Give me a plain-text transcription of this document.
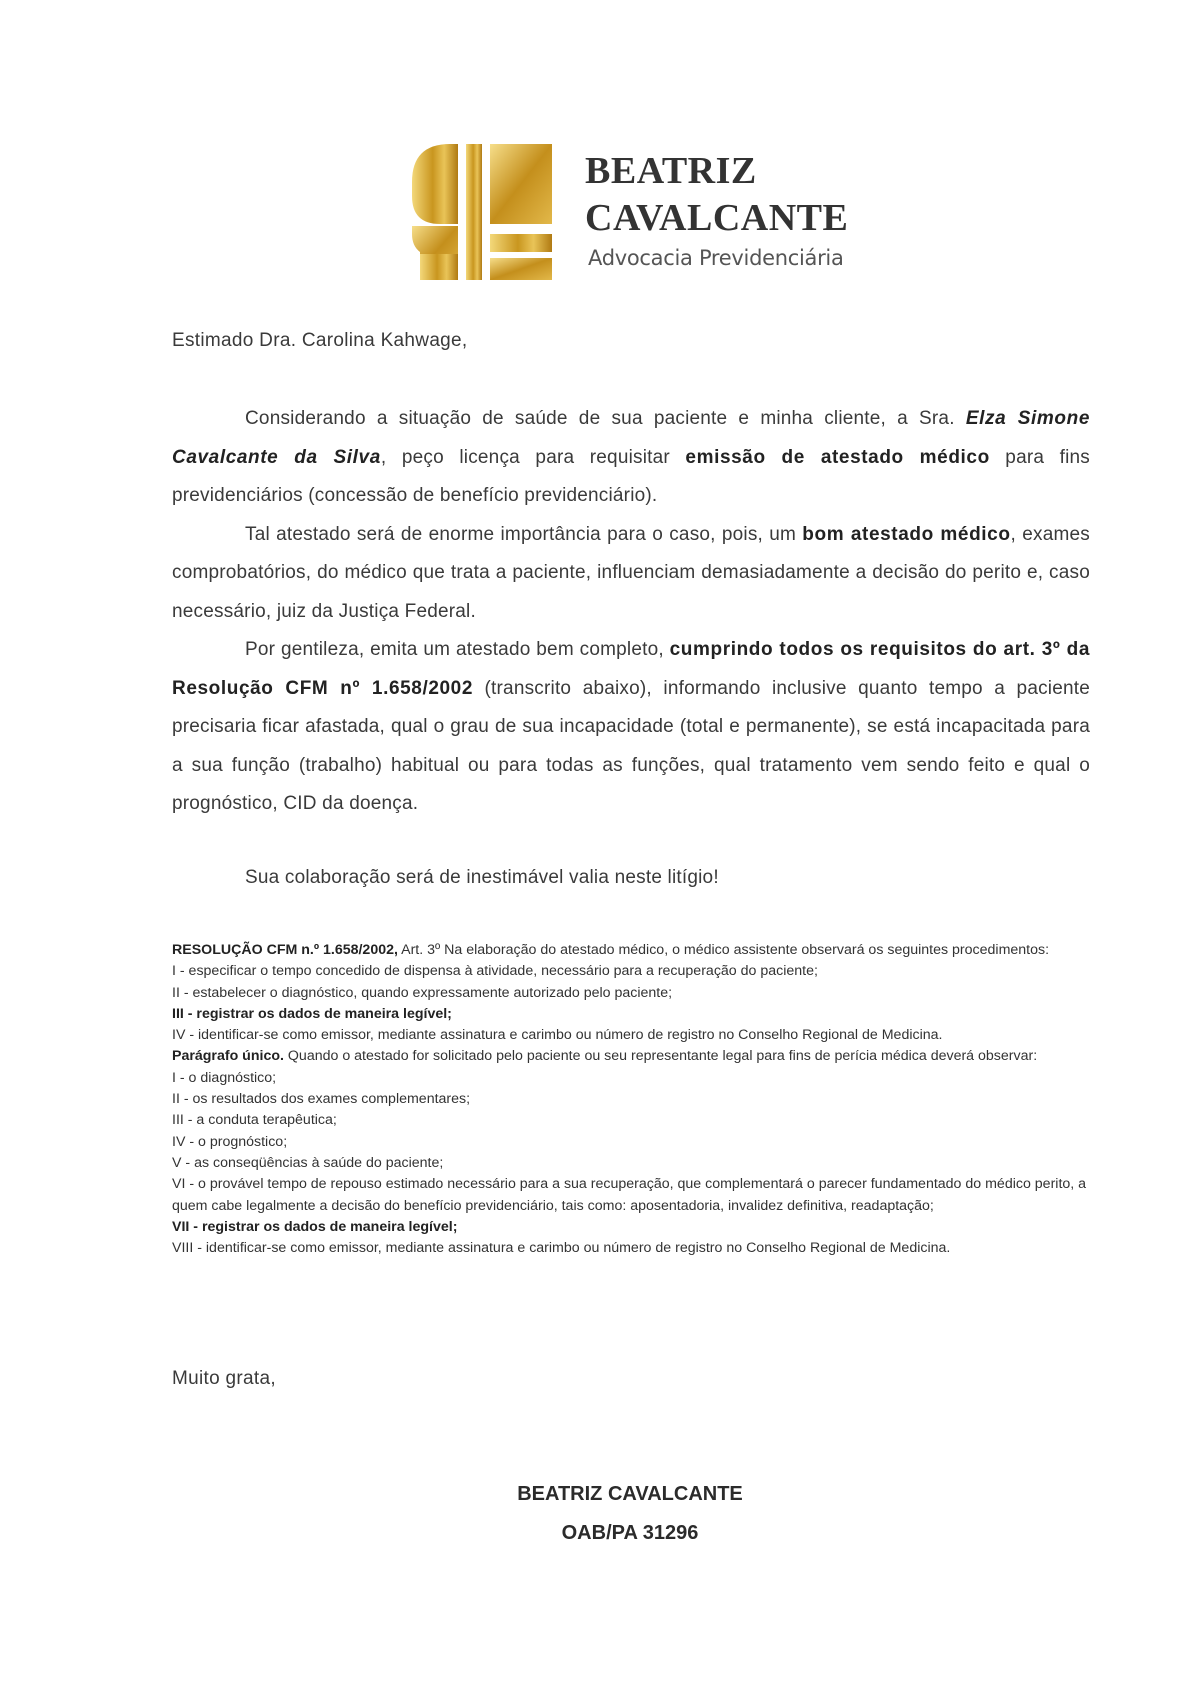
BEATRIZ
CAVALCANTE
Advocacia Previdenciária
Estimado Dra. Carolina Kahwage,

Considerando a situação de saúde de sua paciente e minha cliente, a Sra. Elza Simone Cavalcante da Silva, peço licença para requisitar emissão de atestado médico para fins previdenciários (concessão de benefício previdenciário).

Tal atestado será de enorme importância para o caso, pois, um bom atestado médico, exames comprobatórios, do médico que trata a paciente, influenciam demasiadamente a decisão do perito e, caso necessário, juiz da Justiça Federal.

Por gentileza, emita um atestado bem completo, cumprindo todos os requisitos do art. 3º da Resolução CFM nº 1.658/2002 (transcrito abaixo), informando inclusive quanto tempo a paciente precisaria ficar afastada, qual o grau de sua incapacidade (total e permanente), se está incapacitada para a sua função (trabalho) habitual ou para todas as funções, qual tratamento vem sendo feito e qual o prognóstico, CID da doença.

Sua colaboração será de inestimável valia neste litígio!
RESOLUÇÃO CFM n.º 1.658/2002, Art. 3º Na elaboração do atestado médico, o médico assistente observará os seguintes procedimentos:
I - especificar o tempo concedido de dispensa à atividade, necessário para a recuperação do paciente;
II - estabelecer o diagnóstico, quando expressamente autorizado pelo paciente;
III - registrar os dados de maneira legível;
IV - identificar-se como emissor, mediante assinatura e carimbo ou número de registro no Conselho Regional de Medicina.
Parágrafo único. Quando o atestado for solicitado pelo paciente ou seu representante legal para fins de perícia médica deverá observar:
I - o diagnóstico;
II - os resultados dos exames complementares;
III - a conduta terapêutica;
IV - o prognóstico;
V - as conseqüências à saúde do paciente;
VI - o provável tempo de repouso estimado necessário para a sua recuperação, que complementará o parecer fundamentado do médico perito, a quem cabe legalmente a decisão do benefício previdenciário, tais como: aposentadoria, invalidez definitiva, readaptação;
VII - registrar os dados de maneira legível;
VIII - identificar-se como emissor, mediante assinatura e carimbo ou número de registro no Conselho Regional de Medicina.
Muito grata,
BEATRIZ CAVALCANTE
OAB/PA 31296
